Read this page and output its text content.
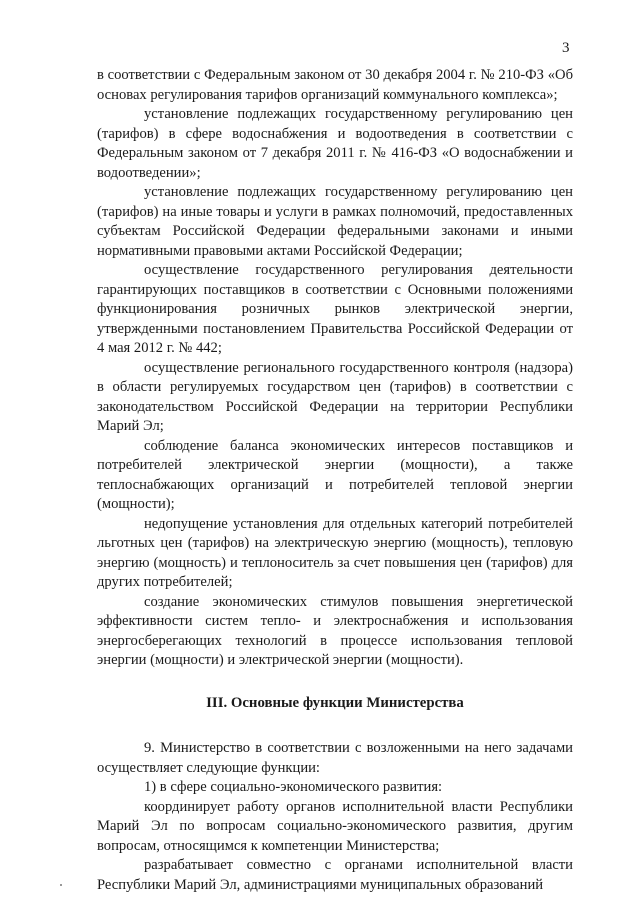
3

в соответствии с Федеральным законом от 30 декабря 2004 г. № 210-ФЗ «Об основах регулирования тарифов организаций коммунального комплекса»;

установление подлежащих государственному регулированию цен (тарифов) в сфере водоснабжения и водоотведения в соответствии с Федеральным законом от 7 декабря 2011 г. № 416-ФЗ «О водоснабжении и водоотведении»;

установление подлежащих государственному регулированию цен (тарифов) на иные товары и услуги в рамках полномочий, предоставленных субъектам Российской Федерации федеральными законами и иными нормативными правовыми актами Российской Федерации;

осуществление государственного регулирования деятельности гарантирующих поставщиков в соответствии с Основными положениями функционирования розничных рынков электрической энергии, утвержденными постановлением Правительства Российской Федерации от 4 мая 2012 г. № 442;

осуществление регионального государственного контроля (надзора) в области регулируемых государством цен (тарифов) в соответствии с законодательством Российской Федерации на территории Республики Марий Эл;

соблюдение баланса экономических интересов поставщиков и потребителей электрической энергии (мощности), а также теплоснабжающих организаций и потребителей тепловой энергии (мощности);

недопущение установления для отдельных категорий потребителей льготных цен (тарифов) на электрическую энергию (мощность), тепловую энергию (мощность) и теплоноситель за счет повышения цен (тарифов) для других потребителей;

создание экономических стимулов повышения энергетической эффективности систем тепло- и электроснабжения и использования энергосберегающих технологий в процессе использования тепловой энергии (мощности) и электрической энергии (мощности).

III. Основные функции Министерства

9. Министерство в соответствии с возложенными на него задачами осуществляет следующие функции:

1) в сфере социально-экономического развития:

координирует работу органов исполнительной власти Республики Марий Эл по вопросам социально-экономического развития, другим вопросам, относящимся к компетенции Министерства;

разрабатывает совместно с органами исполнительной власти Республики Марий Эл, администрациями муниципальных образований
